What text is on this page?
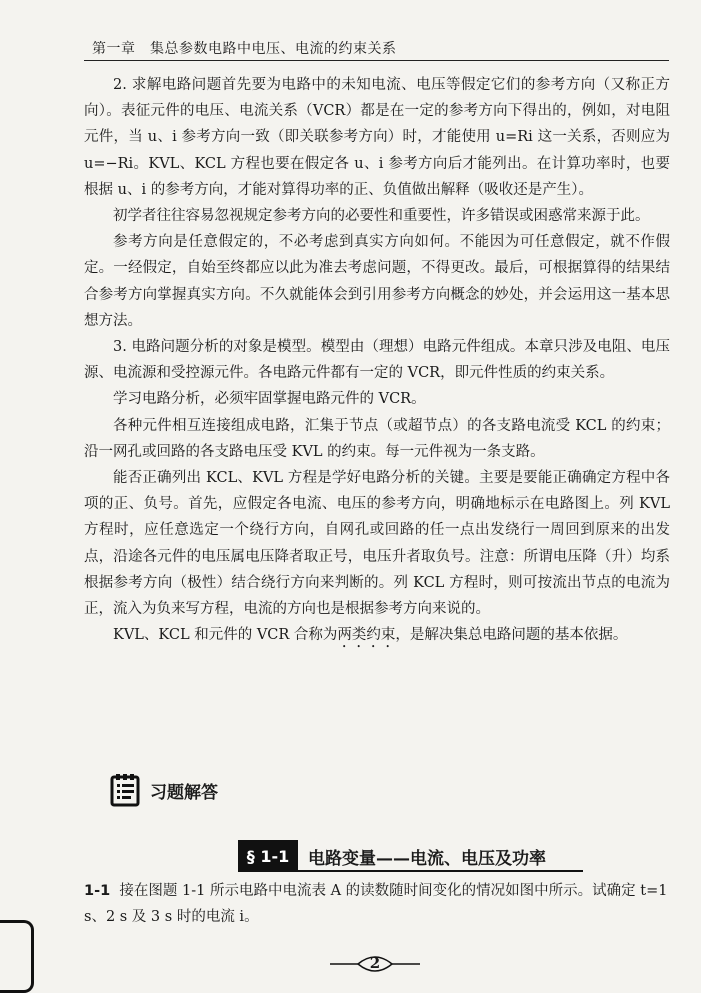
第一章　集总参数电路中电压、电流的约束关系

2. 求解电路问题首先要为电路中的未知电流、电压等假定它们的参考方向（又称正方向）。表征元件的电压、电流关系（VCR）都是在一定的参考方向下得出的，例如，对电阻元件，当 u、i 参考方向一致（即关联参考方向）时，才能使用 u=Ri 这一关系，否则应为 u=−Ri。KVL、KCL 方程也要在假定各 u、i 参考方向后才能列出。在计算功率时，也要根据 u、i 的参考方向，才能对算得功率的正、负值做出解释（吸收还是产生）。

初学者往往容易忽视规定参考方向的必要性和重要性，许多错误或困惑常来源于此。

参考方向是任意假定的，不必考虑到真实方向如何。不能因为可任意假定，就不作假定。一经假定，自始至终都应以此为准去考虑问题，不得更改。最后，可根据算得的结果结合参考方向掌握真实方向。不久就能体会到引用参考方向概念的妙处，并会运用这一基本思想方法。

3. 电路问题分析的对象是模型。模型由（理想）电路元件组成。本章只涉及电阻、电压源、电流源和受控源元件。各电路元件都有一定的 VCR，即元件性质的约束关系。

学习电路分析，必须牢固掌握电路元件的 VCR。

各种元件相互连接组成电路，汇集于节点（或超节点）的各支路电流受 KCL 的约束；沿一网孔或回路的各支路电压受 KVL 的约束。每一元件视为一条支路。

能否正确列出 KCL、KVL 方程是学好电路分析的关键。主要是要能正确确定方程中各项的正、负号。首先，应假定各电流、电压的参考方向，明确地标示在电路图上。列 KVL 方程时，应任意选定一个绕行方向，自网孔或回路的任一点出发绕行一周回到原来的出发点，沿途各元件的电压属电压降者取正号，电压升者取负号。注意：所谓电压降（升）均系根据参考方向（极性）结合绕行方向来判断的。列 KCL 方程时，则可按流出节点的电流为正，流入为负来写方程，电流的方向也是根据参考方向来说的。

KVL、KCL 和元件的 VCR 合称为两类约束，是解决集总电路问题的基本依据。

习题解答
§ 1-1	电路变量——电流、电压及功率
1-1 接在图题 1-1 所示电路中电流表 A 的读数随时间变化的情况如图中所示。试确定 t=1 s、2 s 及 3 s 时的电流 i。
2
